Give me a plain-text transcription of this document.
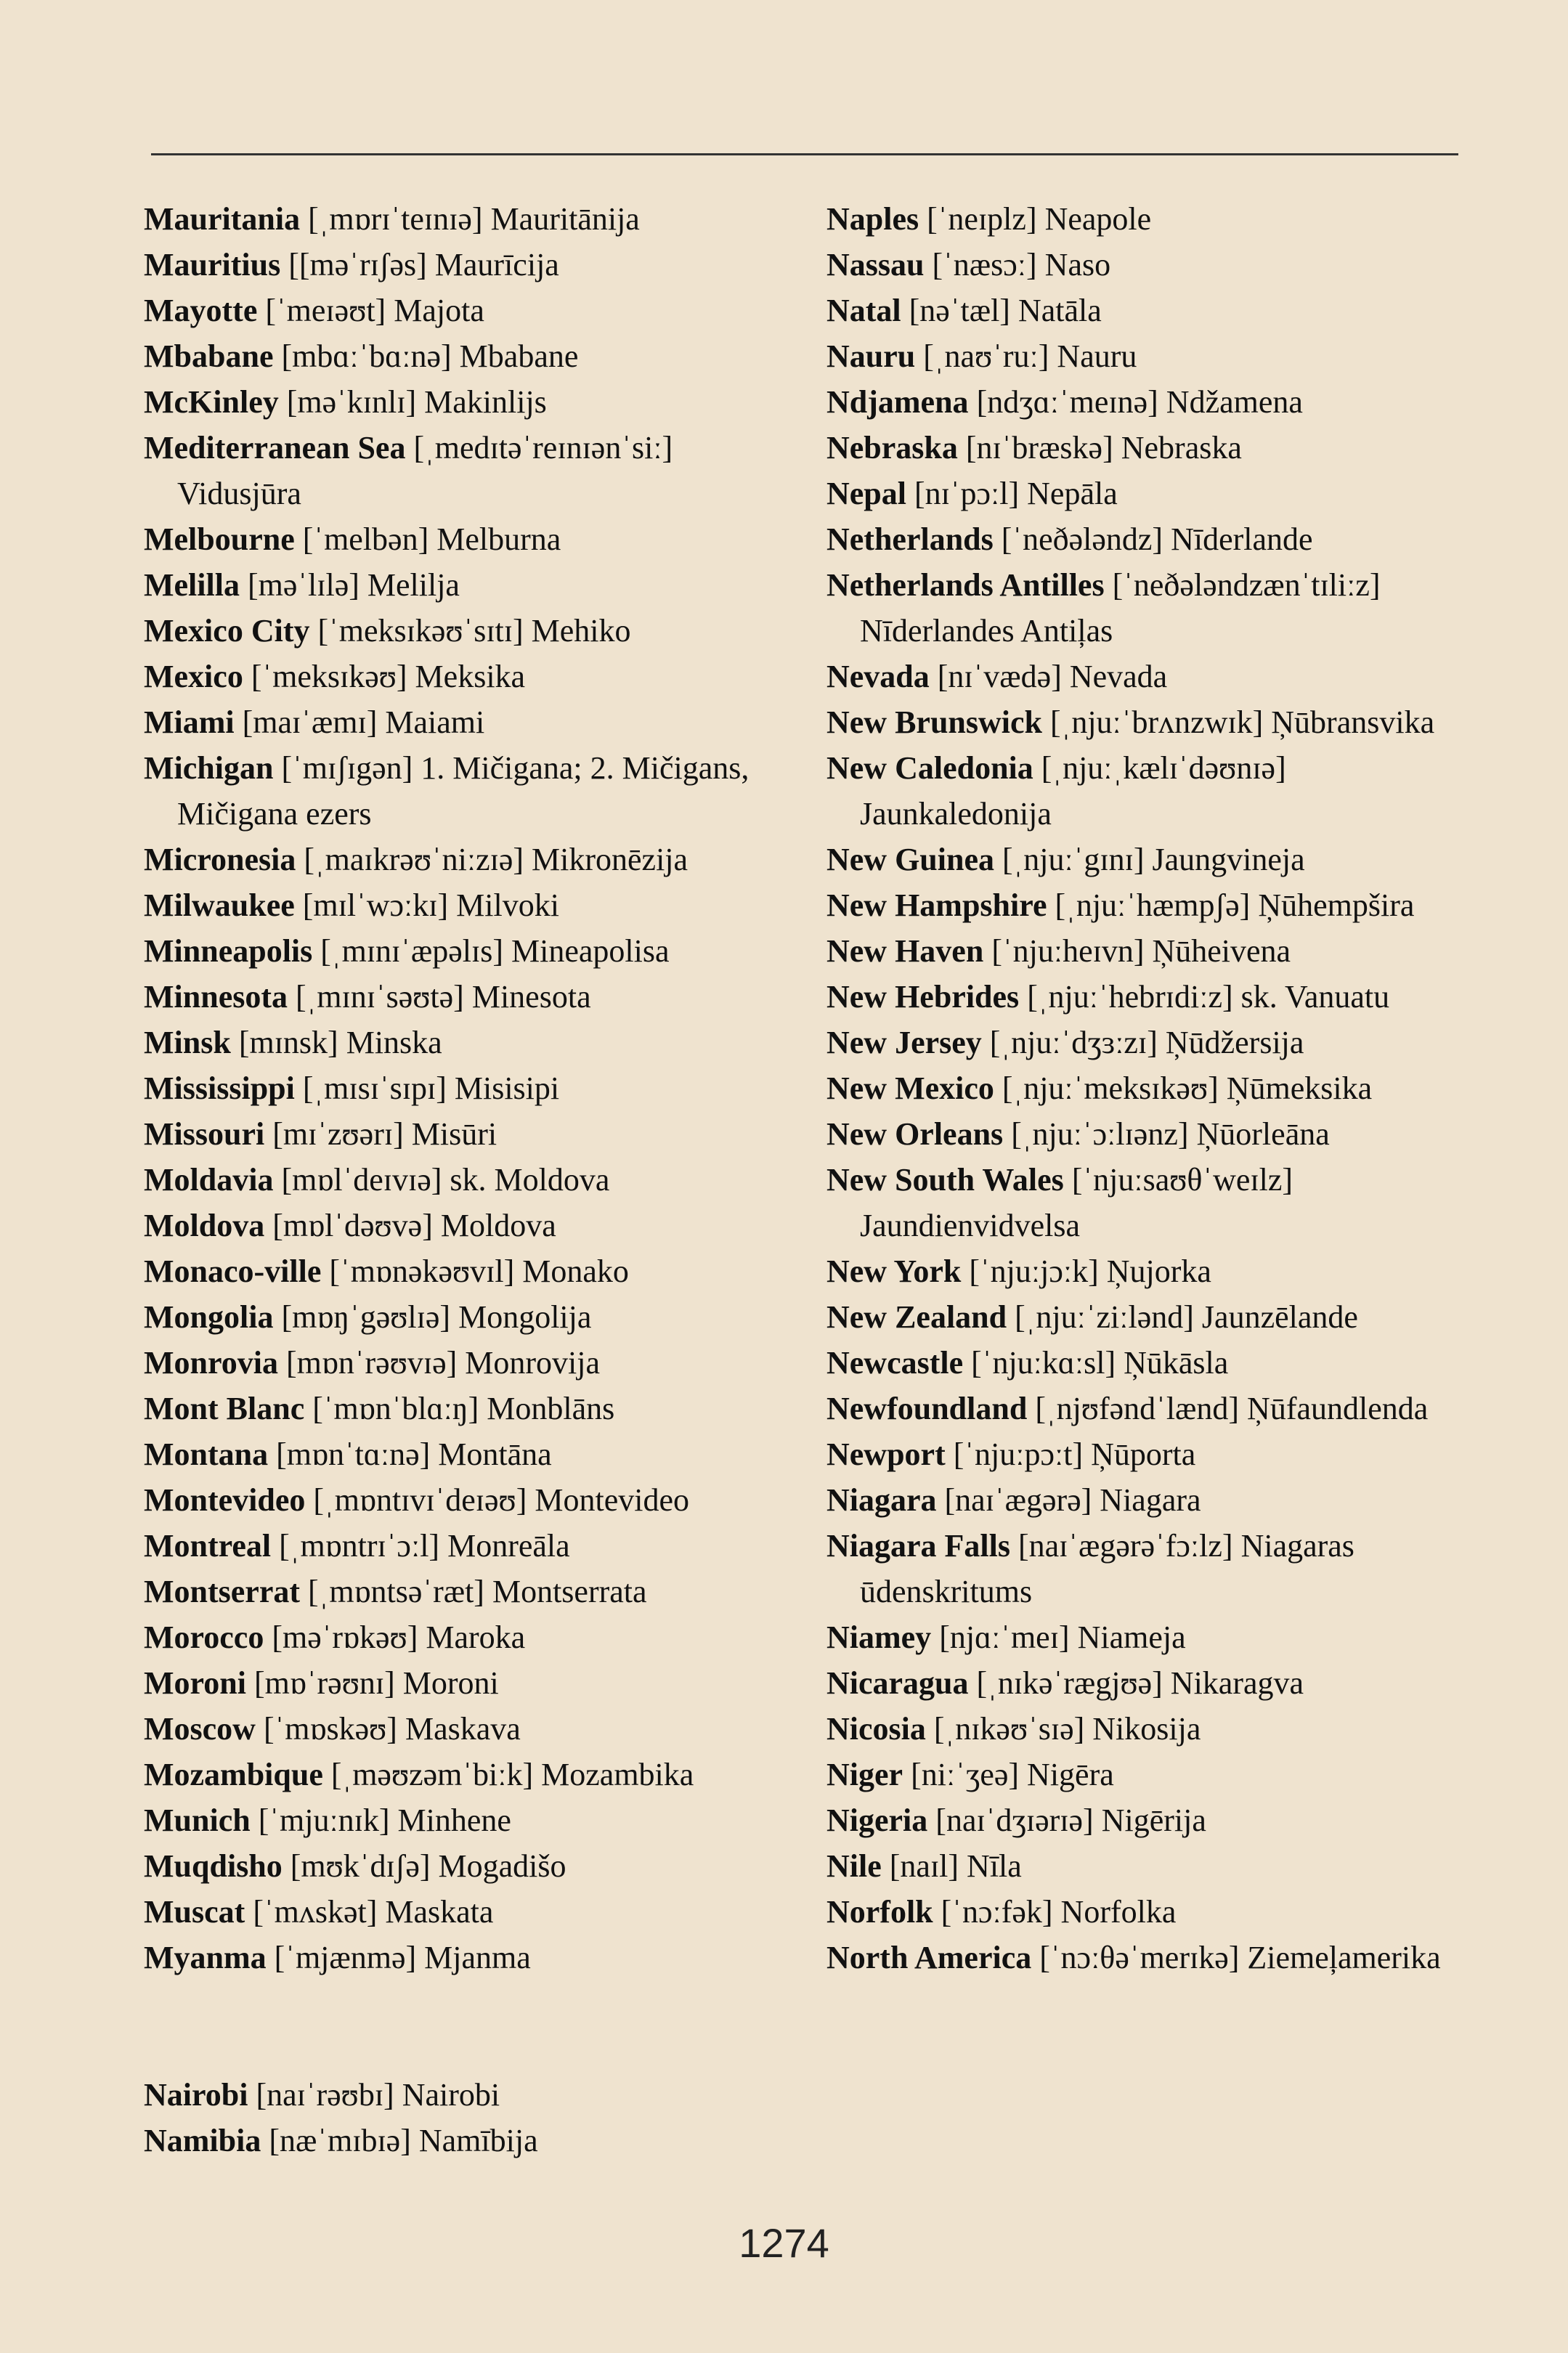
Mauritania [ˌmɒrɪˈteɪnɪə] Mauritānija

Mauritius [[məˈrɪʃəs] Maurīcija

Mayotte [ˈmeɪəʊt] Majota

Mbabane [mbɑːˈbɑːnə] Mbabane

McKinley [məˈkɪnlɪ] Makinlijs

Mediterranean Sea [ˌmedɪtəˈreɪnɪənˈsiː] Vidusjūra

Melbourne [ˈmelbən] Melburna

Melilla [məˈlɪlə] Melilja

Mexico City [ˈmeksɪkəʊˈsɪtɪ] Mehiko

Mexico [ˈmeksɪkəʊ] Meksika

Miami [maɪˈæmɪ] Maiami

Michigan [ˈmɪʃɪgən] 1. Mičigana; 2. Mičigans, Mičigana ezers

Micronesia [ˌmaɪkrəʊˈniːzɪə] Mikronēzija

Milwaukee [mɪlˈwɔːkɪ] Milvoki

Minneapolis [ˌmɪnɪˈæpəlɪs] Mineapolisa

Minnesota [ˌmɪnɪˈsəʊtə] Minesota

Minsk [mɪnsk] Minska

Mississippi [ˌmɪsɪˈsɪpɪ] Misisipi

Missouri [mɪˈzʊərɪ] Misūri

Moldavia [mɒlˈdeɪvɪə] sk. Moldova

Moldova [mɒlˈdəʊvə] Moldova

Monaco-ville [ˈmɒnəkəʊvɪl] Monako

Mongolia [mɒŋˈgəʊlɪə] Mongolija

Monrovia [mɒnˈrəʊvɪə] Monrovija

Mont Blanc [ˈmɒnˈblɑːŋ] Monblāns

Montana [mɒnˈtɑːnə] Montāna

Montevideo [ˌmɒntɪvɪˈdeɪəʊ] Montevideo

Montreal [ˌmɒntrɪˈɔːl] Monreāla

Montserrat [ˌmɒntsəˈræt] Montserrata

Morocco [məˈrɒkəʊ] Maroka

Moroni [mɒˈrəʊnɪ] Moroni

Moscow [ˈmɒskəʊ] Maskava

Mozambique [ˌməʊzəmˈbiːk] Mozambika

Munich [ˈmjuːnɪk] Minhene

Muqdisho [mʊkˈdɪʃə] Mogadišo

Muscat [ˈmʌskət] Maskata

Myanma [ˈmjænmə] Mjanma

Nairobi [naɪˈrəʊbɪ] Nairobi

Namibia [næˈmɪbɪə] Namībija

Naples [ˈneɪplz] Neapole

Nassau [ˈnæsɔː] Naso

Natal [nəˈtæl] Natāla

Nauru [ˌnaʊˈruː] Nauru

Ndjamena [ndʒɑːˈmeɪnə] Ndžamena

Nebraska [nɪˈbræskə] Nebraska

Nepal [nɪˈpɔːl] Nepāla

Netherlands [ˈneðələndz] Nīderlande

Netherlands Antilles [ˈneðələndzænˈtɪliːz] Nīderlandes Antiļas

Nevada [nɪˈvædə] Nevada

New Brunswick [ˌnjuːˈbrʌnzwɪk] Ņūbransvika

New Caledonia [ˌnjuːˌkælɪˈdəʊnɪə] Jaunkaledonija

New Guinea [ˌnjuːˈgɪnɪ] Jaungvineja

New Hampshire [ˌnjuːˈhæmpʃə] Ņūhempšira

New Haven [ˈnjuːheɪvn] Ņūheivena

New Hebrides [ˌnjuːˈhebrɪdiːz] sk. Vanuatu

New Jersey [ˌnjuːˈdʒɜːzɪ] Ņūdžersija

New Mexico [ˌnjuːˈmeksɪkəʊ] Ņūmeksika

New Orleans [ˌnjuːˈɔːlɪənz] Ņūorleāna

New South Wales [ˈnjuːsaʊθˈweɪlz] Jaundienvidvelsa

New York [ˈnjuːjɔːk] Ņujorka

New Zealand [ˌnjuːˈziːlənd] Jaunzēlande

Newcastle [ˈnjuːkɑːsl] Ņūkāsla

Newfoundland [ˌnjʊfəndˈlænd] Ņūfaundlenda

Newport [ˈnjuːpɔːt] Ņūporta

Niagara [naɪˈægərə] Niagara

Niagara Falls [naɪˈægərəˈfɔːlz] Niagaras ūdenskritums

Niamey [njɑːˈmeɪ] Niameja

Nicaragua [ˌnɪkəˈrægjʊə] Nikaragva

Nicosia [ˌnɪkəʊˈsɪə] Nikosija

Niger [niːˈʒeə] Nigēra

Nigeria [naɪˈdʒɪərɪə] Nigērija

Nile [naɪl] Nīla

Norfolk [ˈnɔːfək] Norfolka

North America [ˈnɔːθəˈmerɪkə] Ziemeļamerika

1274
